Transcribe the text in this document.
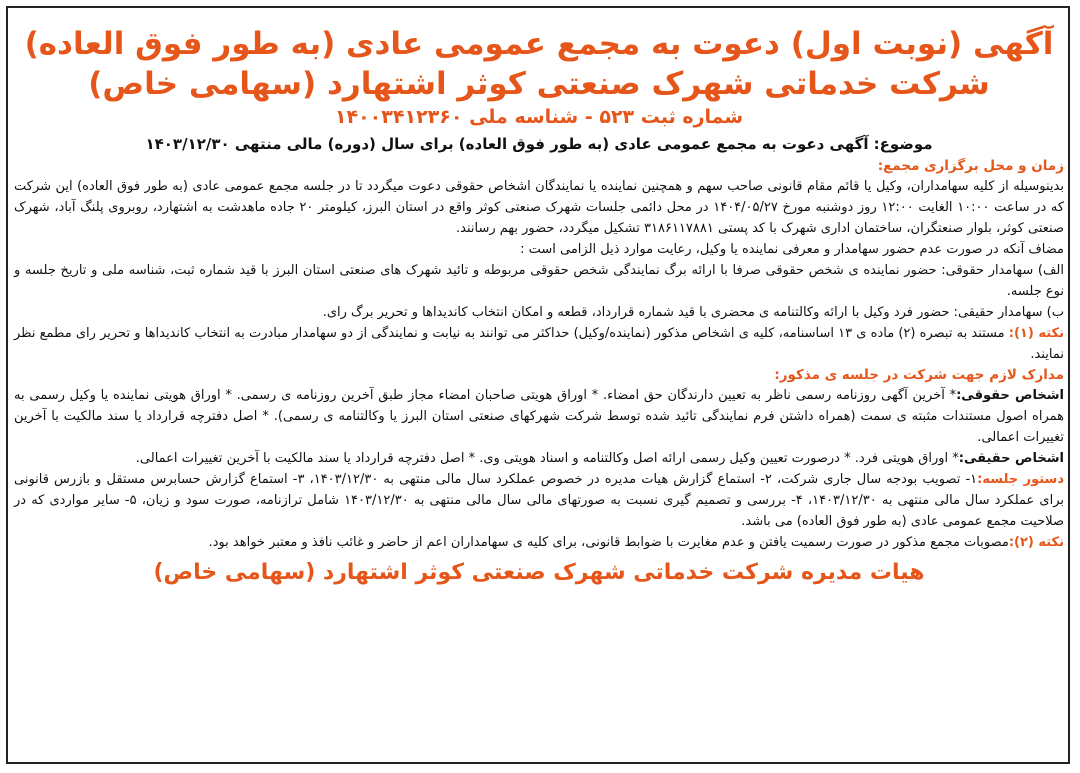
آگهی (نوبت اول) دعوت به مجمع عمومی عادی (به طور فوق العاده)
شرکت خدماتی شهرک صنعتی کوثر اشتهارد (سهامی خاص)
شماره ثبت ۵۲۳ - شناسه ملی ۱۴۰۰۳۴۱۲۳۶۰
موضوع: آگهی دعوت به مجمع عمومی عادی (به طور فوق العاده) برای سال (دوره) مالی منتهی ۱۴۰۳/۱۲/۳۰
زمان و محل برگزاری مجمع:
بدینوسیله از کلیه سهامداران، وکیل یا قائم مقام قانونی صاحب سهم و همچنین نماینده یا نمایندگان اشخاص حقوقی دعوت میگردد تا در جلسه مجمع عمومی عادی (به طور فوق العاده) این شرکت که در ساعت ۱۰:۰۰ الغایت ۱۲:۰۰ روز دوشنبه مورخ ۱۴۰۴/۰۵/۲۷ در محل دائمی جلسات شهرک صنعتی کوثر واقع در استان البرز، کیلومتر ۲۰ جاده ماهدشت به اشتهارد، روبروی پلنگ آباد، شهرک صنعتی کوثر، بلوار صنعتگران، ساختمان اداری شهرک با کد پستی ۳۱۸۶۱۱۷۸۸۱ تشکیل میگردد، حضور بهم رسانند.
مضاف آنکه در صورت عدم حضور سهامدار و معرفی نماینده یا وکیل، رعایت موارد ذیل الزامی است :
الف) سهامدار حقوقی: حضور نماینده ی شخص حقوقی صرفا با ارائه برگ نمایندگی شخص حقوقی مربوطه و تائید شهرک های صنعتی استان البرز با قید شماره ثبت، شناسه ملی و تاریخ جلسه و نوع جلسه.
ب) سهامدار حقیقی: حضور فرد وکیل با ارائه وکالتنامه ی محضری با قید شماره قرارداد، قطعه و امکان انتخاب کاندیداها و تحریر برگ رای.
نکته (۱): مستند به تبصره (۲) ماده ی ۱۳ اساسنامه، کلیه ی اشخاص مذکور (نماینده/وکیل) حداکثر می توانند به نیابت و نمایندگی از دو سهامدار مبادرت به انتخاب کاندیداها و تحریر رای مطمع نظر نمایند.
مدارک لازم جهت شرکت در جلسه ی مذکور:
اشخاص حقوقی:* آخرین آگهی روزنامه رسمی ناظر به تعیین دارندگان حق امضاء. * اوراق هویتی صاحبان امضاء مجاز طبق آخرین روزنامه ی رسمی. * اوراق هویتی نماینده یا وکیل رسمی به همراه اصول مستندات مثبته ی سمت (همراه داشتن فرم نمایندگی تائید شده توسط شرکت شهرکهای صنعتی استان البرز یا وکالتنامه ی رسمی). * اصل دفترچه قرارداد یا سند مالکیت با آخرین تغییرات اعمالی.
اشخاص حقیقی:* اوراق هویتی فرد. * درصورت تعیین وکیل رسمی ارائه اصل وکالتنامه و اسناد هویتی وی. * اصل دفترچه قرارداد یا سند مالکیت با آخرین تغییرات اعمالی.
دستور جلسه:۱- تصویب بودجه سال جاری شرکت، ۲- استماع گزارش هیات مدیره در خصوص عملکرد سال مالی منتهی به ۱۴۰۳/۱۲/۳۰، ۳- استماع گزارش حسابرس مستقل و بازرس قانونی برای عملکرد سال مالی منتهی به ۱۴۰۳/۱۲/۳۰، ۴- بررسی و تصمیم گیری نسبت به صورتهای مالی سال مالی منتهی به ۱۴۰۳/۱۲/۳۰ شامل ترازنامه، صورت سود و زیان، ۵- سایر مواردی که در صلاحیت مجمع عمومی عادی (به طور فوق العاده) می باشد.
نکته (۲):مصوبات مجمع مذکور در صورت رسمیت یافتن و عدم مغایرت با ضوابط قانونی، برای کلیه ی سهامداران اعم از حاضر و غائب نافذ و معتبر خواهد بود.
هیات مدیره شرکت خدماتی شهرک صنعتی کوثر اشتهارد (سهامی خاص)
